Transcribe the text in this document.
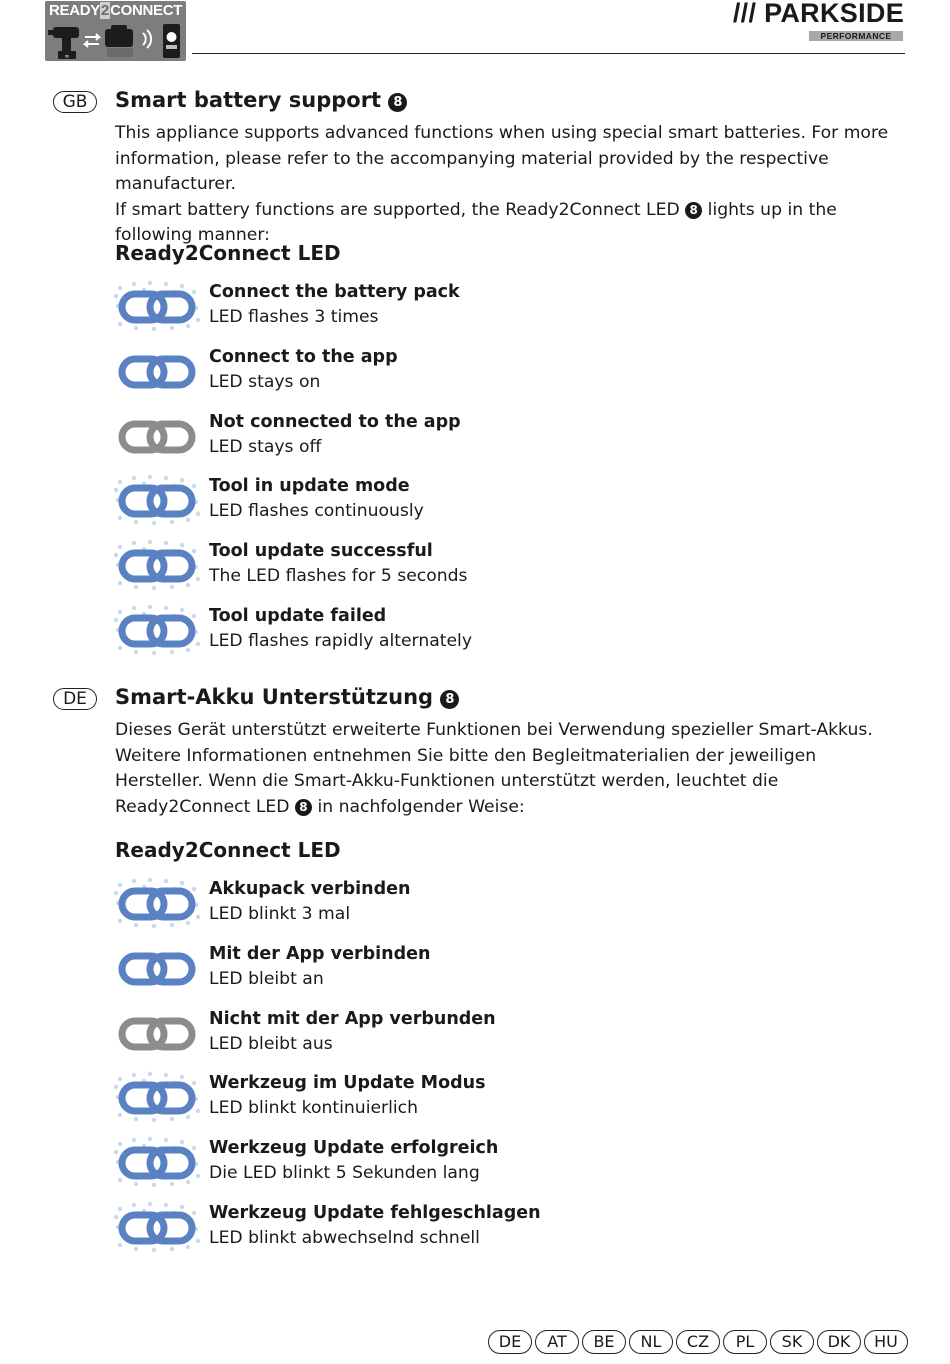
READY2CONNECT
∞
/// PARKSIDE
PERFORMANCE
GB	Smart battery support 8

This appliance supports advanced functions when using special smart batteries. For more information, please refer to the accompanying material provided by the respective manufacturer.
If smart battery functions are supported, the Ready2Connect LED 8 lights up in the following manner:

Ready2Connect LED
Connect the battery pack
LED flashes 3 times
Connect to the app
LED stays on
Not connected to the app
LED stays off
Tool in update mode
LED flashes continuously
Tool update successful
The LED flashes for 5 seconds
Tool update failed
LED flashes rapidly alternately
DE	Smart-Akku Unterstützung 8

Dieses Gerät unterstützt erweiterte Funktionen bei Verwendung spezieller Smart-Akkus. Weitere Informationen entnehmen Sie bitte den Begleitmaterialien der jeweiligen Hersteller. Wenn die Smart-Akku-Funktionen unterstützt werden, leuchtet die Ready2Connect LED 8 in nachfolgender Weise:

Ready2Connect LED
Akkupack verbinden
LED blinkt 3 mal
Mit der App verbinden
LED bleibt an
Nicht mit der App verbunden
LED bleibt aus
Werkzeug im Update Modus
LED blinkt kontinuierlich
Werkzeug Update erfolgreich
Die LED blinkt 5 Sekunden lang
Werkzeug Update fehlgeschlagen
LED blinkt abwechselnd schnell
DE	AT	BE	NL	CZ	PL	SK	DK	HU
